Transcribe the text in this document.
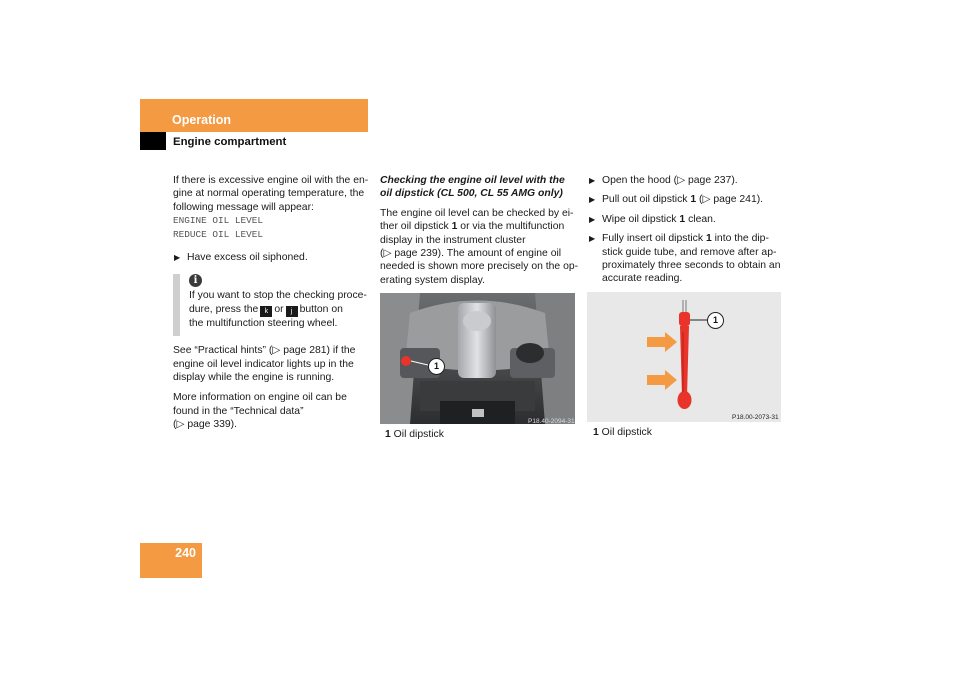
Operation
Engine compartment

If there is excessive engine oil with the en-
gine at normal operating temperature, the
following message will appear:
ENGINE OIL LEVEL
REDUCE OIL LEVEL

▶ Have excess oil siphoned.
i
If you want to stop the checking proce-
dure, press the k or j button on
the multifunction steering wheel.

See “Practical hints” (▷ page 281) if the
engine oil level indicator lights up in the
display while the engine is running.

More information on engine oil can be
found in the “Technical data”
(▷ page 339).

Checking the engine oil level with the
oil dipstick (CL 500, CL 55 AMG only)

The engine oil level can be checked by ei-
ther oil dipstick 1 or via the multifunction
display in the instrument cluster
(▷ page 239). The amount of engine oil
needed is shown more precisely on the op-
erating system display.

1
P18.40-2094-31
1 Oil dipstick
▶ Open the hood (▷ page 237).
▶ Pull out oil dipstick 1 (▷ page 241).
▶ Wipe oil dipstick 1 clean.
▶ Fully insert oil dipstick 1 into the dip-
stick guide tube, and remove after ap-
proximately three seconds to obtain an
accurate reading.
1
P18.00-2073-31
1 Oil dipstick
240
